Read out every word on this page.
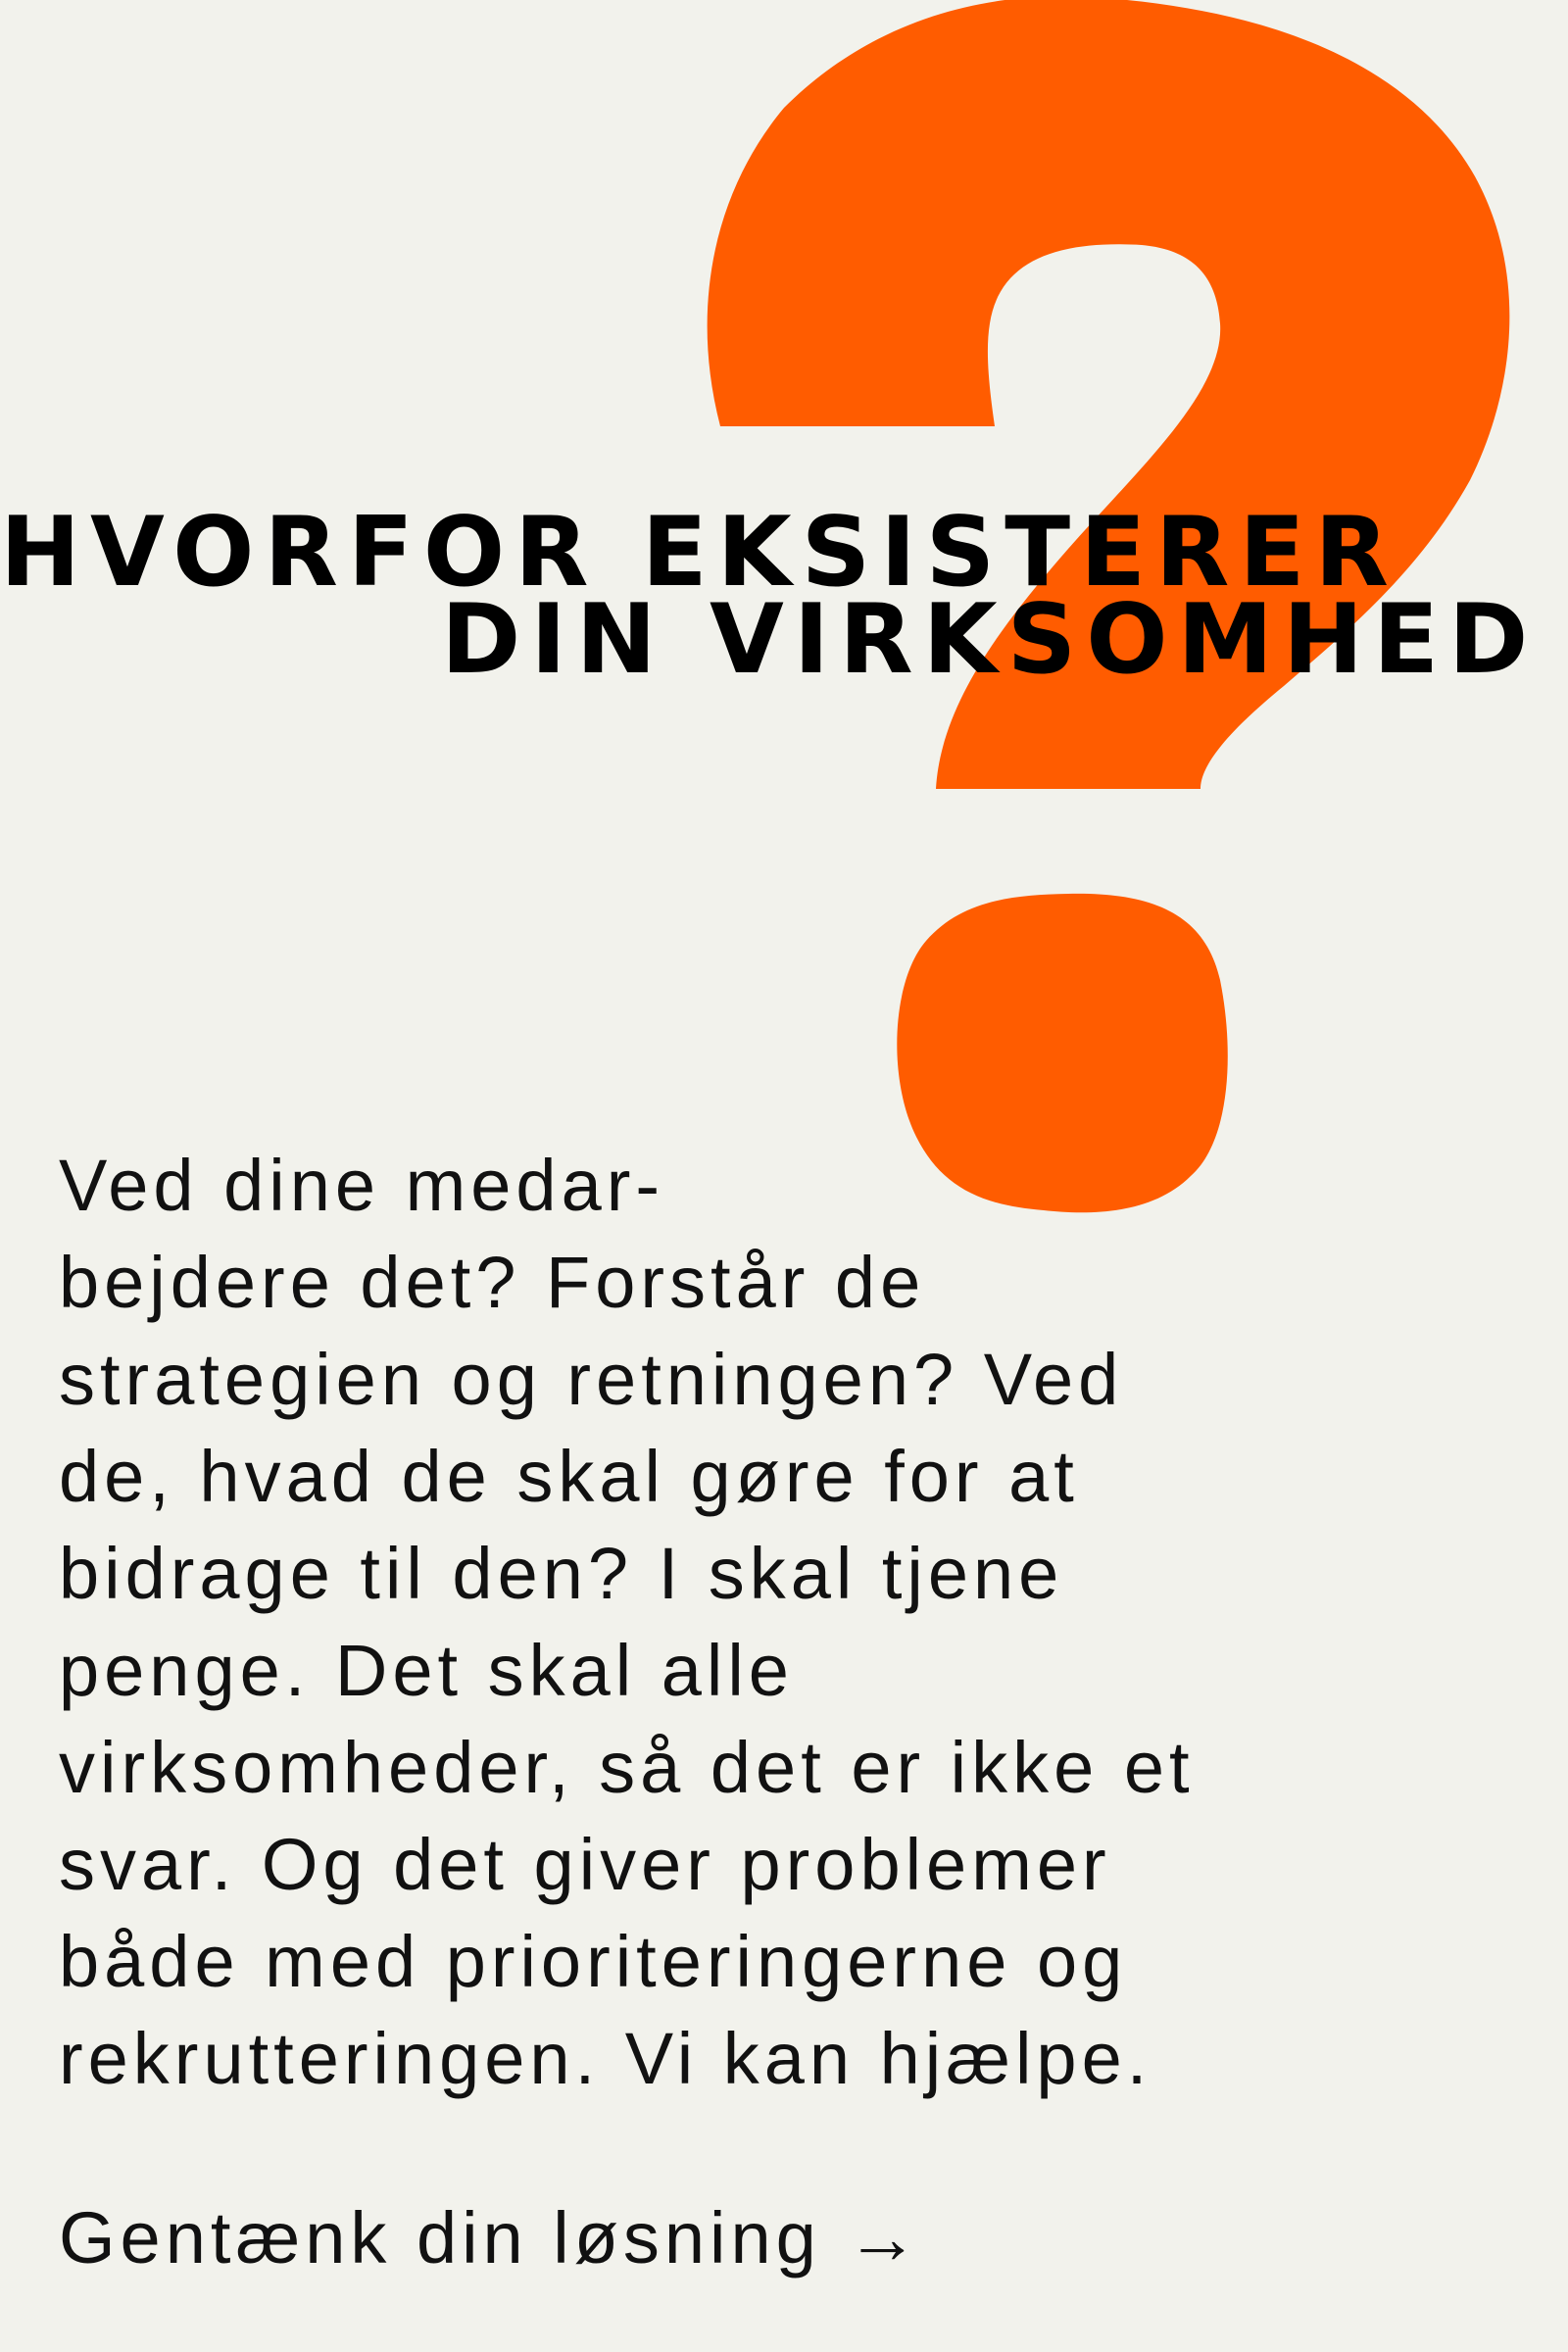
HVORFOR EKSISTERER
DIN VIRKSOMHED

Ved dine medar-
bejdere det? Forstår de
strategien og retningen? Ved
de, hvad de skal gøre for at
bidrage til den? I skal tjene
penge. Det skal alle
virksomheder, så det er ikke et
svar. Og det giver problemer
både med prioriteringerne og
rekrutteringen. Vi kan hjælpe.

Gentænk din løsning →
